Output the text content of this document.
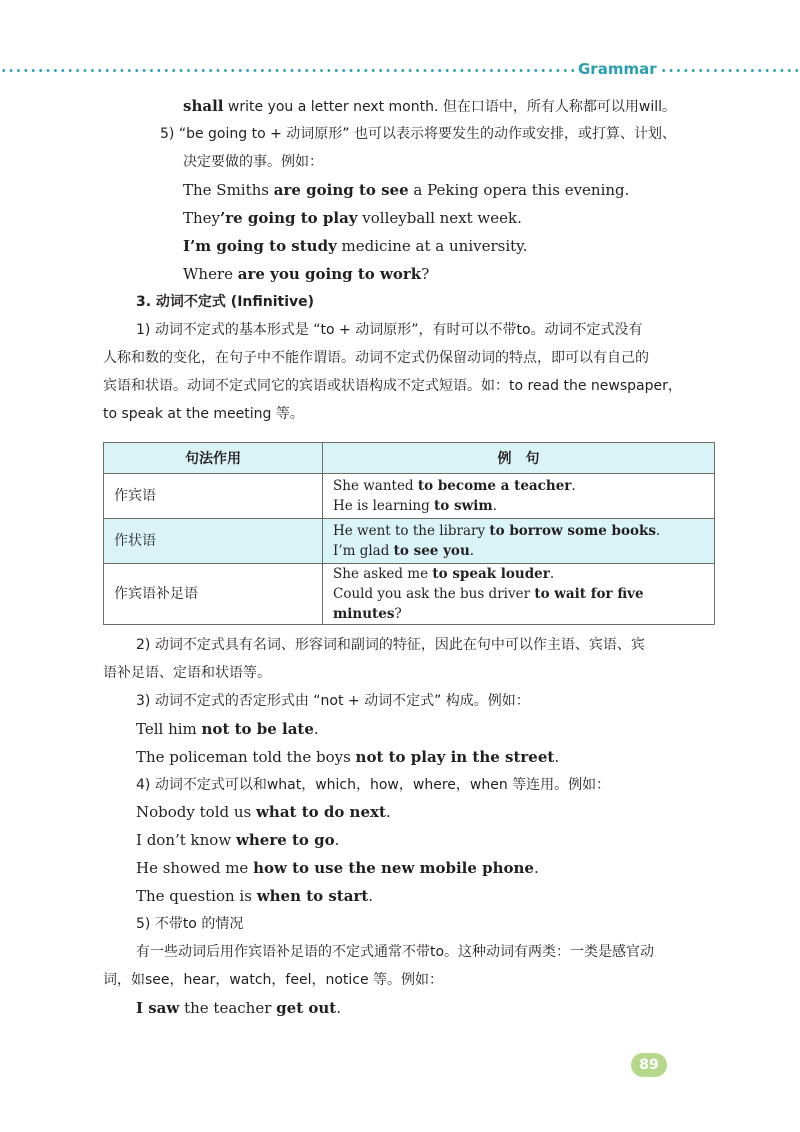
Grammar
shall write you a letter next month. 但在口语中，所有人称都可以用will。
5) “be going to + 动词原形” 也可以表示将要发生的动作或安排，或打算、计划、
决定要做的事。例如：
The Smiths are going to see a Peking opera this evening.
They’re going to play volleyball next week.
I’m going to study medicine at a university.
Where are you going to work?
3. 动词不定式 (Infinitive)
1) 动词不定式的基本形式是 “to + 动词原形”，有时可以不带to。动词不定式没有
人称和数的变化，在句子中不能作谓语。动词不定式仍保留动词的特点，即可以有自己的
宾语和状语。动词不定式同它的宾语或状语构成不定式短语。如：to read the newspaper，
to speak at the meeting 等。
句法作用	例　句
作宾语	She wanted to become a teacher.
He is learning to swim.

作状语	He went to the library to borrow some books.
I’m glad to see you.

作宾语补足语	She asked me to speak louder.
Could you ask the bus driver to wait for five minutes?
2) 动词不定式具有名词、形容词和副词的特征，因此在句中可以作主语、宾语、宾
语补足语、定语和状语等。
3) 动词不定式的否定形式由 “not + 动词不定式” 构成。例如：
Tell him not to be late.
The policeman told the boys not to play in the street.
4) 动词不定式可以和what，which，how，where，when 等连用。例如：
Nobody told us what to do next.
I don’t know where to go.
He showed me how to use the new mobile phone.
The question is when to start.
5) 不带to 的情况
有一些动词后用作宾语补足语的不定式通常不带to。这种动词有两类：一类是感官动
词，如see，hear，watch，feel，notice 等。例如：
I saw the teacher get out.
89
